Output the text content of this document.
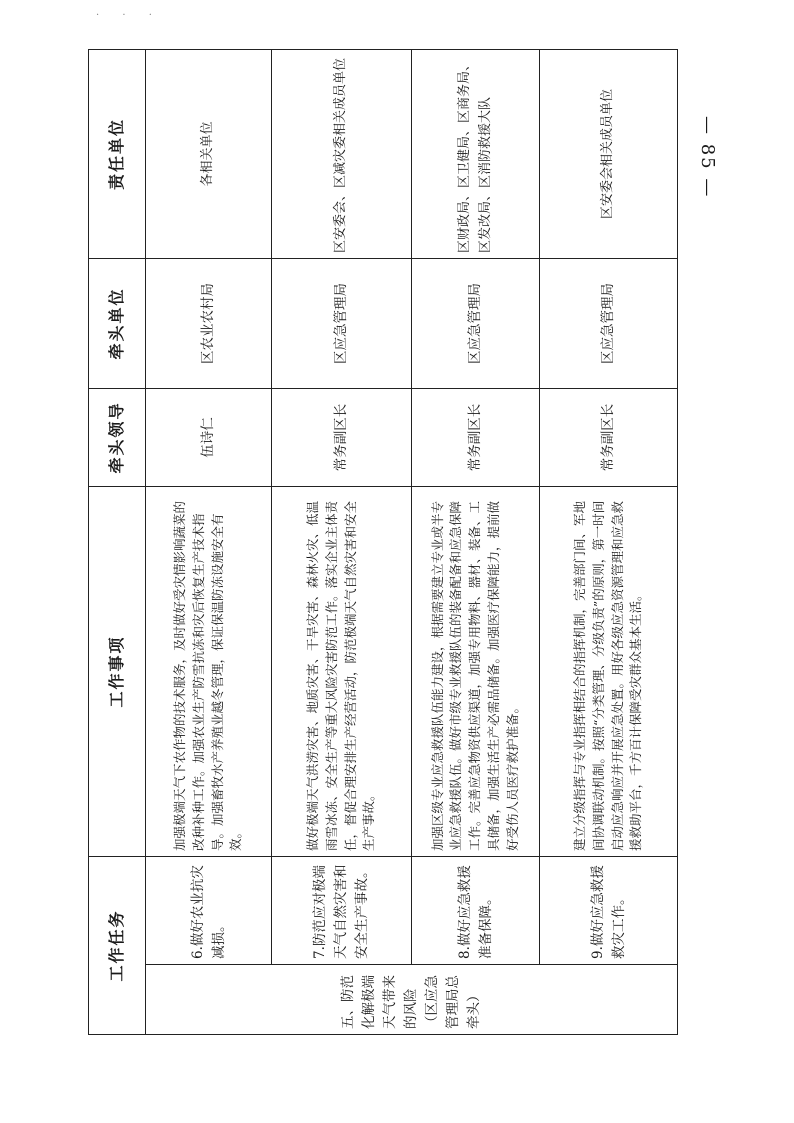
· · ·
— 85 —
工作任务		工作事项	牵头领导	牵头单位	责任单位
五、防范化解极端天气带来的风险（区应急管理局总牵头）	6.做好农业抗灾减损。	加强极端天气下农作物的技术服务，及时做好受灾情影响蔬菜的改种补种工作。加强农业生产防雪抗冻和灾后恢复生产技术指导。加强畜牧水产养殖业越冬管理，保证保温防冻设施安全有效。	伍诗仁	区农业农村局	各相关单位
	7.防范应对极端天气自然灾害和安全生产事故。	做好极端天气洪涝灾害、地质灾害、干旱灾害、森林火灾、低温雨雪冰冻、安全生产等重大风险灾害防范工作。落实企业主体责任，督促合理安排生产经营活动，防范极端天气自然灾害和安全生产事故。	常务副区长	区应急管理局	区安委会、区减灾委相关成员单位
	8.做好应急救援准备保障。	加强区级专业应急救援队伍能力建设，根据需要建立专业或半专业应急救援队伍。做好市级专业救援队伍的装备配备和应急保障工作。完善应急物资供应渠道，加强专用物料、器材、装备、工具储备，加强生活生产必需品储备。加强医疗保障能力，提前做好受伤人员医疗救护准备。	常务副区长	区应急管理局	区财政局、区卫健局、区商务局、区发改局、区消防救援大队
	9.做好应急救援救灾工作。	建立分级指挥与专业指挥相结合的指挥机制，完善部门间、军地间协调联动机制。按照“分类管理、分级负责”的原则，第一时间启动应急响应并开展应急处置。用好各级应急资源管理和应急救援救助平台，千方百计保障受灾群众基本生活。	常务副区长	区应急管理局	区安委会相关成员单位
